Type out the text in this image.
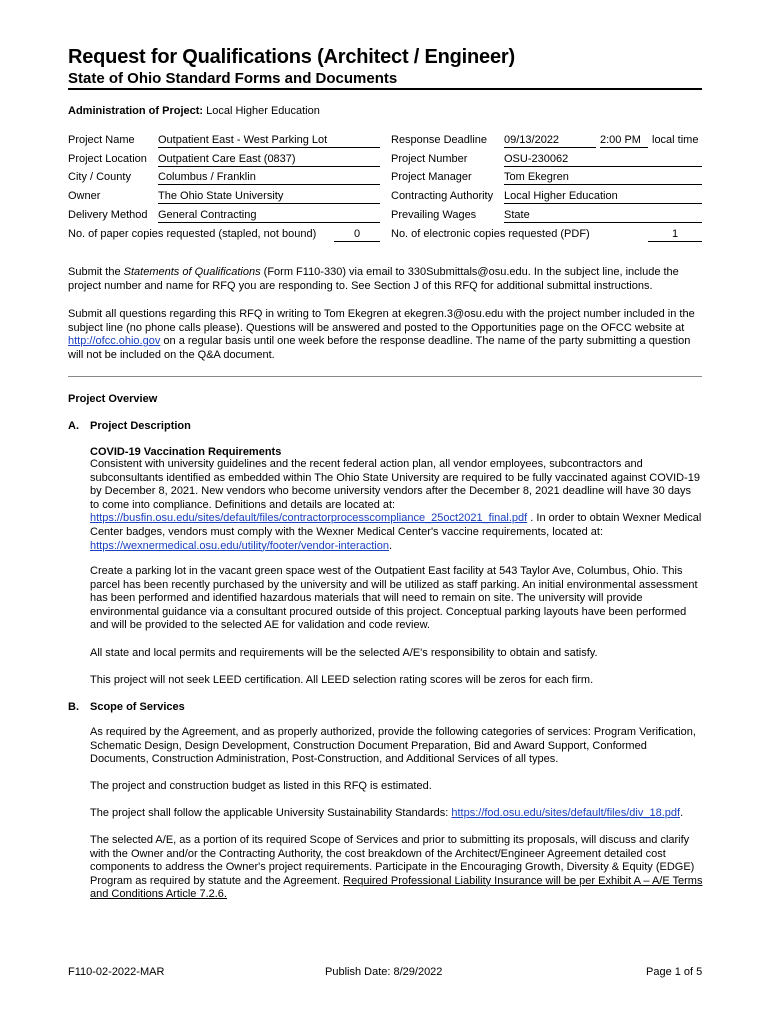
Request for Qualifications (Architect / Engineer)
State of Ohio Standard Forms and Documents
Administration of Project: Local Higher Education
Project Name Outpatient East - West Parking Lot
Project Location Outpatient Care East (0837)
City / County Columbus / Franklin
Owner	The Ohio State University
Delivery Method General Contracting
No. of paper copies requested (stapled, not bound)	0
Response Deadline 09/13/2022	2:00 PM	local time
Project Number	OSU-230062
Project Manager	Tom Ekegren
Contracting Authority Local Higher Education
Prevailing Wages	State
No. of electronic copies requested (PDF)	1
Submit the Statements of Qualifications (Form F110-330) via email to 330Submittals@osu.edu. In the subject line, include the project number and name for RFQ you are responding to. See Section J of this RFQ for additional submittal instructions.
Submit all questions regarding this RFQ in writing to Tom Ekegren at ekegren.3@osu.edu with the project number included in the subject line (no phone calls please). Questions will be answered and posted to the Opportunities page on the OFCC website at http://ofcc.ohio.gov on a regular basis until one week before the response deadline. The name of the party submitting a question will not be included on the Q&A document.
Project Overview
A. Project Description
COVID-19 Vaccination Requirements
Consistent with university guidelines and the recent federal action plan, all vendor employees, subcontractors and subconsultants identified as embedded within The Ohio State University are required to be fully vaccinated against COVID-19 by December 8, 2021. New vendors who become university vendors after the December 8, 2021 deadline will have 30 days to come into compliance. Definitions and details are located at: https://busfin.osu.edu/sites/default/files/contractorprocesscompliance_25oct2021_final.pdf . In order to obtain Wexner Medical Center badges, vendors must comply with the Wexner Medical Center's vaccine requirements, located at: https://wexnermedical.osu.edu/utility/footer/vendor-interaction.
Create a parking lot in the vacant green space west of the Outpatient East facility at 543 Taylor Ave, Columbus, Ohio. This parcel has been recently purchased by the university and will be utilized as staff parking. An initial environmental assessment has been performed and identified hazardous materials that will need to remain on site. The university will provide environmental guidance via a consultant procured outside of this project. Conceptual parking layouts have been performed and will be provided to the selected AE for validation and code review.
All state and local permits and requirements will be the selected A/E's responsibility to obtain and satisfy.
This project will not seek LEED certification. All LEED selection rating scores will be zeros for each firm.
B. Scope of Services
As required by the Agreement, and as properly authorized, provide the following categories of services: Program Verification, Schematic Design, Design Development, Construction Document Preparation, Bid and Award Support, Conformed Documents, Construction Administration, Post-Construction, and Additional Services of all types.
The project and construction budget as listed in this RFQ is estimated.
The project shall follow the applicable University Sustainability Standards: https://fod.osu.edu/sites/default/files/div_18.pdf.
The selected A/E, as a portion of its required Scope of Services and prior to submitting its proposals, will discuss and clarify with the Owner and/or the Contracting Authority, the cost breakdown of the Architect/Engineer Agreement detailed cost components to address the Owner's project requirements. Participate in the Encouraging Growth, Diversity & Equity (EDGE) Program as required by statute and the Agreement. Required Professional Liability Insurance will be per Exhibit A – A/E Terms and Conditions Article 7.2.6.
F110-02-2022-MAR	Publish Date: 8/29/2022	Page 1 of 5
